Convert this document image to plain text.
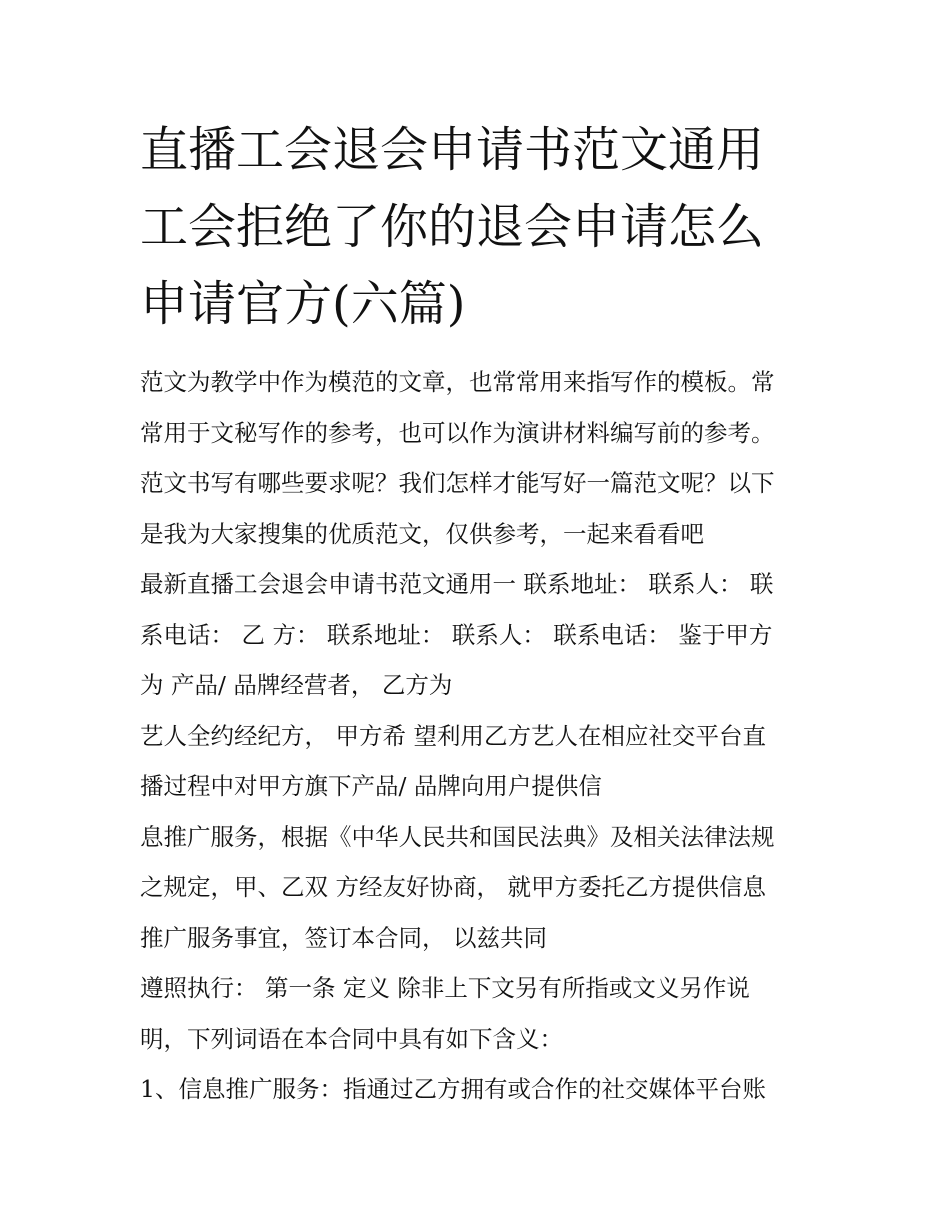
直播工会退会申请书范文通用
工会拒绝了你的退会申请怎么
申请官方(六篇)
范文为教学中作为模范的文章，也常常用来指写作的模板。常
常用于文秘写作的参考，也可以作为演讲材料编写前的参考。
范文书写有哪些要求呢？我们怎样才能写好一篇范文呢？以下
是我为大家搜集的优质范文，仅供参考，一起来看看吧
最新直播工会退会申请书范文通用一 联系地址： 联系人： 联
系电话： 乙 方： 联系地址： 联系人： 联系电话： 鉴于甲方
为 产品/ 品牌经营者， 乙方为
艺人全约经纪方， 甲方希 望利用乙方艺人在相应社交平台直
播过程中对甲方旗下产品/ 品牌向用户提供信
息推广服务，根据《中华人民共和国民法典》及相关法律法规
之规定，甲、乙双 方经友好协商， 就甲方委托乙方提供信息
推广服务事宜，签订本合同， 以兹共同
遵照执行： 第一条 定义 除非上下文另有所指或文义另作说
明，下列词语在本合同中具有如下含义：
1、信息推广服务：指通过乙方拥有或合作的社交媒体平台账
